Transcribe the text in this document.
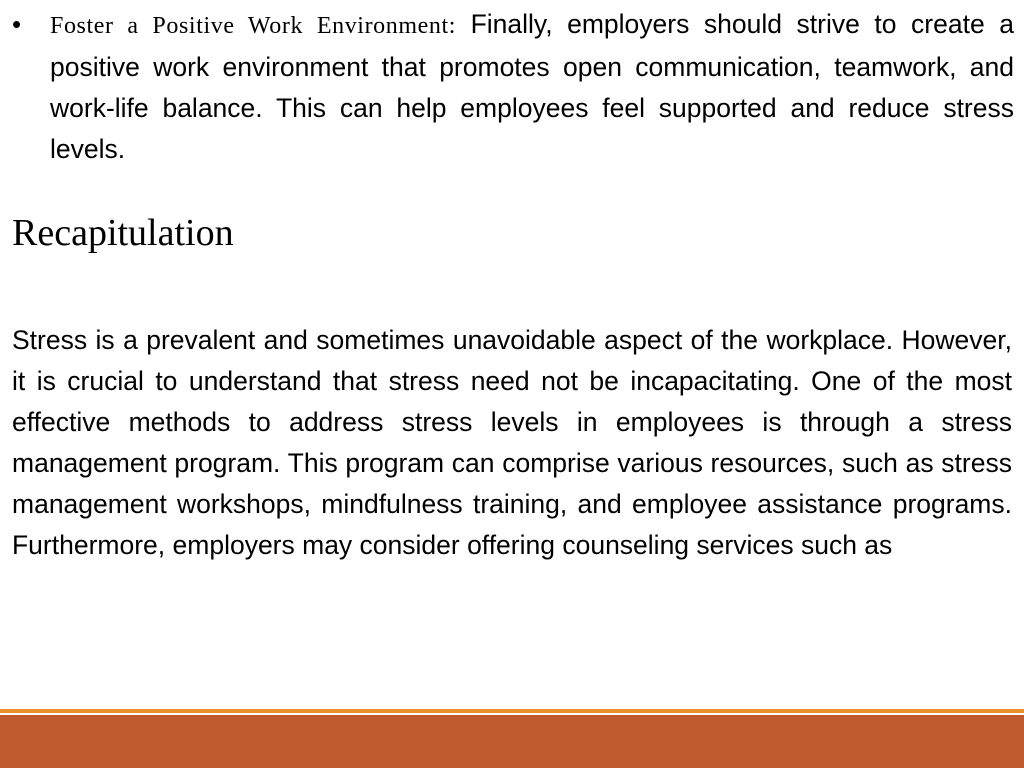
•	Foster a Positive Work Environment: Finally, employers should strive to create a positive work environment that promotes open communication, teamwork, and work-life balance. This can help employees feel supported and reduce stress levels.
Recapitulation

Stress is a prevalent and sometimes unavoidable aspect of the workplace. However, it is crucial to understand that stress need not be incapacitating. One of the most effective methods to address stress levels in employees is through a stress management program. This program can comprise various resources, such as stress management workshops, mindfulness training, and employee assistance programs. Furthermore, employers may consider offering counseling services such as
